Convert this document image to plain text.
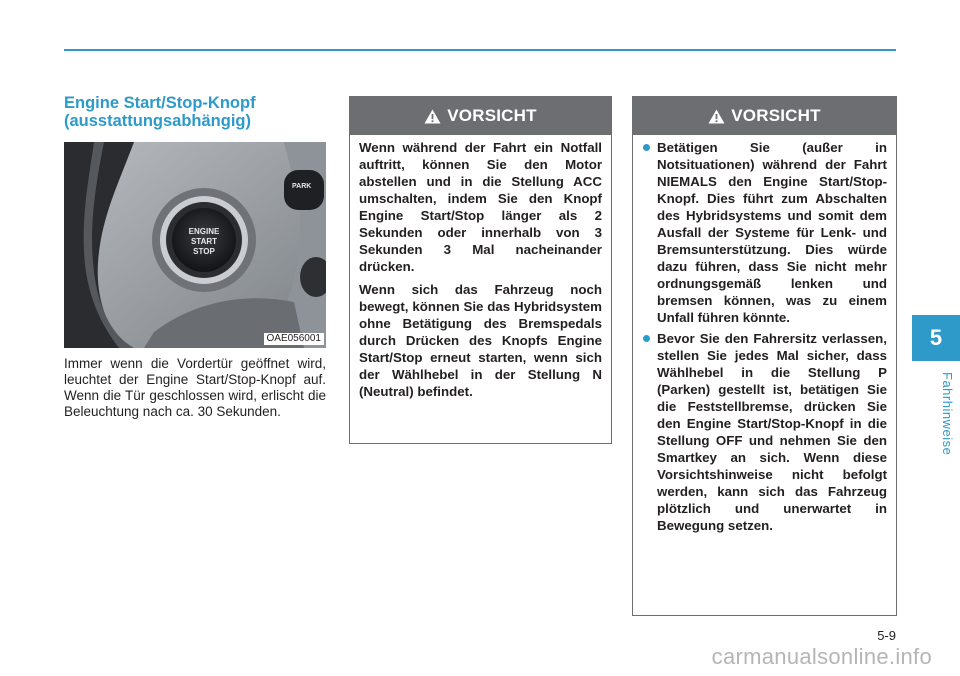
Engine Start/Stop-Knopf
(ausstattungsabhängig)
PARK
ENGINE
START
STOP
OAE056001
Immer wenn die Vordertür geöffnet wird, leuchtet der Engine Start/Stop-Knopf auf. Wenn die Tür geschlossen wird, erlischt die Beleuchtung nach ca. 30 Sekunden.
VORSICHT

Wenn während der Fahrt ein Notfall auftritt, können Sie den Motor abstellen und in die Stellung ACC umschalten, indem Sie den Knopf Engine Start/Stop länger als 2 Sekunden oder innerhalb von 3 Sekunden 3 Mal nacheinander drücken.

Wenn sich das Fahrzeug noch bewegt, können Sie das Hybridsystem ohne Betätigung des Bremspedals durch Drücken des Knopfs Engine Start/Stop erneut starten, wenn sich der Wählhebel in der Stellung N (Neutral) befindet.

VORSICHT
Betätigen Sie (außer in Notsituationen) während der Fahrt NIEMALS den Engine Start/Stop-Knopf. Dies führt zum Abschalten des Hybridsystems und somit dem Ausfall der Systeme für Lenk- und Bremsunterstützung. Dies würde dazu führen, dass Sie nicht mehr ordnungsgemäß lenken und bremsen können, was zu einem Unfall führen könnte.
Bevor Sie den Fahrersitz verlassen, stellen Sie jedes Mal sicher, dass Wählhebel in die Stellung P (Parken) gestellt ist, betätigen Sie die Feststellbremse, drücken Sie den Engine Start/Stop-Knopf in die Stellung OFF und nehmen Sie den Smartkey an sich. Wenn diese Vorsichtshinweise nicht befolgt werden, kann sich das Fahrzeug plötzlich und unerwartet in Bewegung setzen.
5
Fahrhinweise
5-9
carmanualsonline.info
